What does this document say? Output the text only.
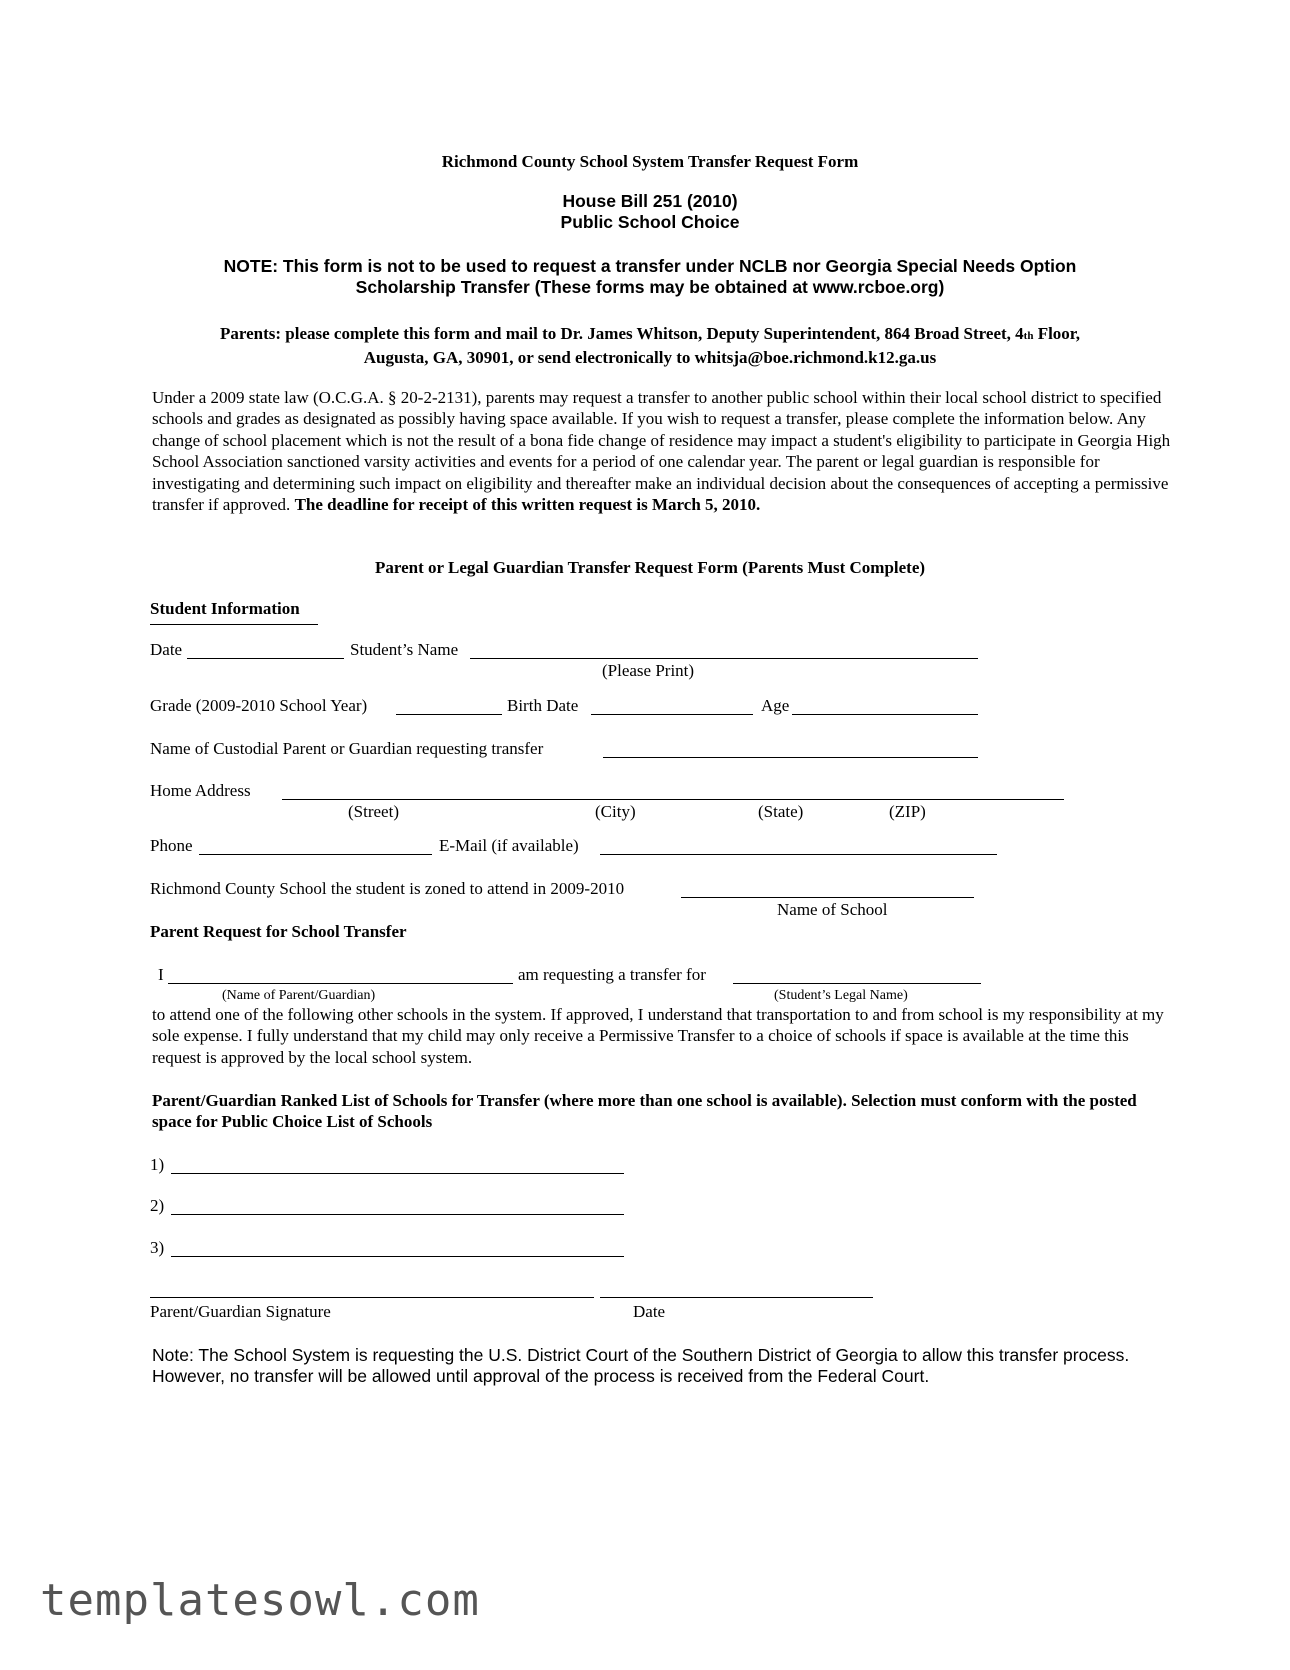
Richmond County School System Transfer Request Form
House Bill 251 (2010)
Public School Choice
NOTE: This form is not to be used to request a transfer under NCLB nor Georgia Special Needs Option
Scholarship Transfer (These forms may be obtained at www.rcboe.org)
Parents: please complete this form and mail to Dr. James Whitson, Deputy Superintendent, 864 Broad Street, 4th Floor,
Augusta, GA, 30901, or send electronically to whitsja@boe.richmond.k12.ga.us
Under a 2009 state law (O.C.G.A. § 20-2-2131), parents may request a transfer to another public school within their local school district to specified schools and grades as designated as possibly having space available. If you wish to request a transfer, please complete the information below. Any change of school placement which is not the result of a bona fide change of residence may impact a student's eligibility to participate in Georgia High School Association sanctioned varsity activities and events for a period of one calendar year. The parent or legal guardian is responsible for investigating and determining such impact on eligibility and thereafter make an individual decision about the consequences of accepting a permissive transfer if approved. The deadline for receipt of this written request is March 5, 2010.
Parent or Legal Guardian Transfer Request Form (Parents Must Complete)
Student Information
Date	Student’s Name
(Please Print)
Grade (2009-2010 School Year)	Birth Date	Age
Name of Custodial Parent or Guardian requesting transfer
Home Address
(Street)	(City)	(State)	(ZIP)
Phone	E-Mail (if available)
Richmond County School the student is zoned to attend in 2009-2010
Name of School
Parent Request for School Transfer
I	am requesting a transfer for
(Name of Parent/Guardian)	(Student’s Legal Name)
to attend one of the following other schools in the system. If approved, I understand that transportation to and from school is my responsibility at my sole expense. I fully understand that my child may only receive a Permissive Transfer to a choice of schools if space is available at the time this request is approved by the local school system.
Parent/Guardian Ranked List of Schools for Transfer (where more than one school is available). Selection must conform with the posted space for Public Choice List of Schools
1)
2)
3)
Parent/Guardian Signature	Date
Note: The School System is requesting the U.S. District Court of the Southern District of Georgia to allow this transfer process. However, no transfer will be allowed until approval of the process is received from the Federal Court.
templatesowl.com
